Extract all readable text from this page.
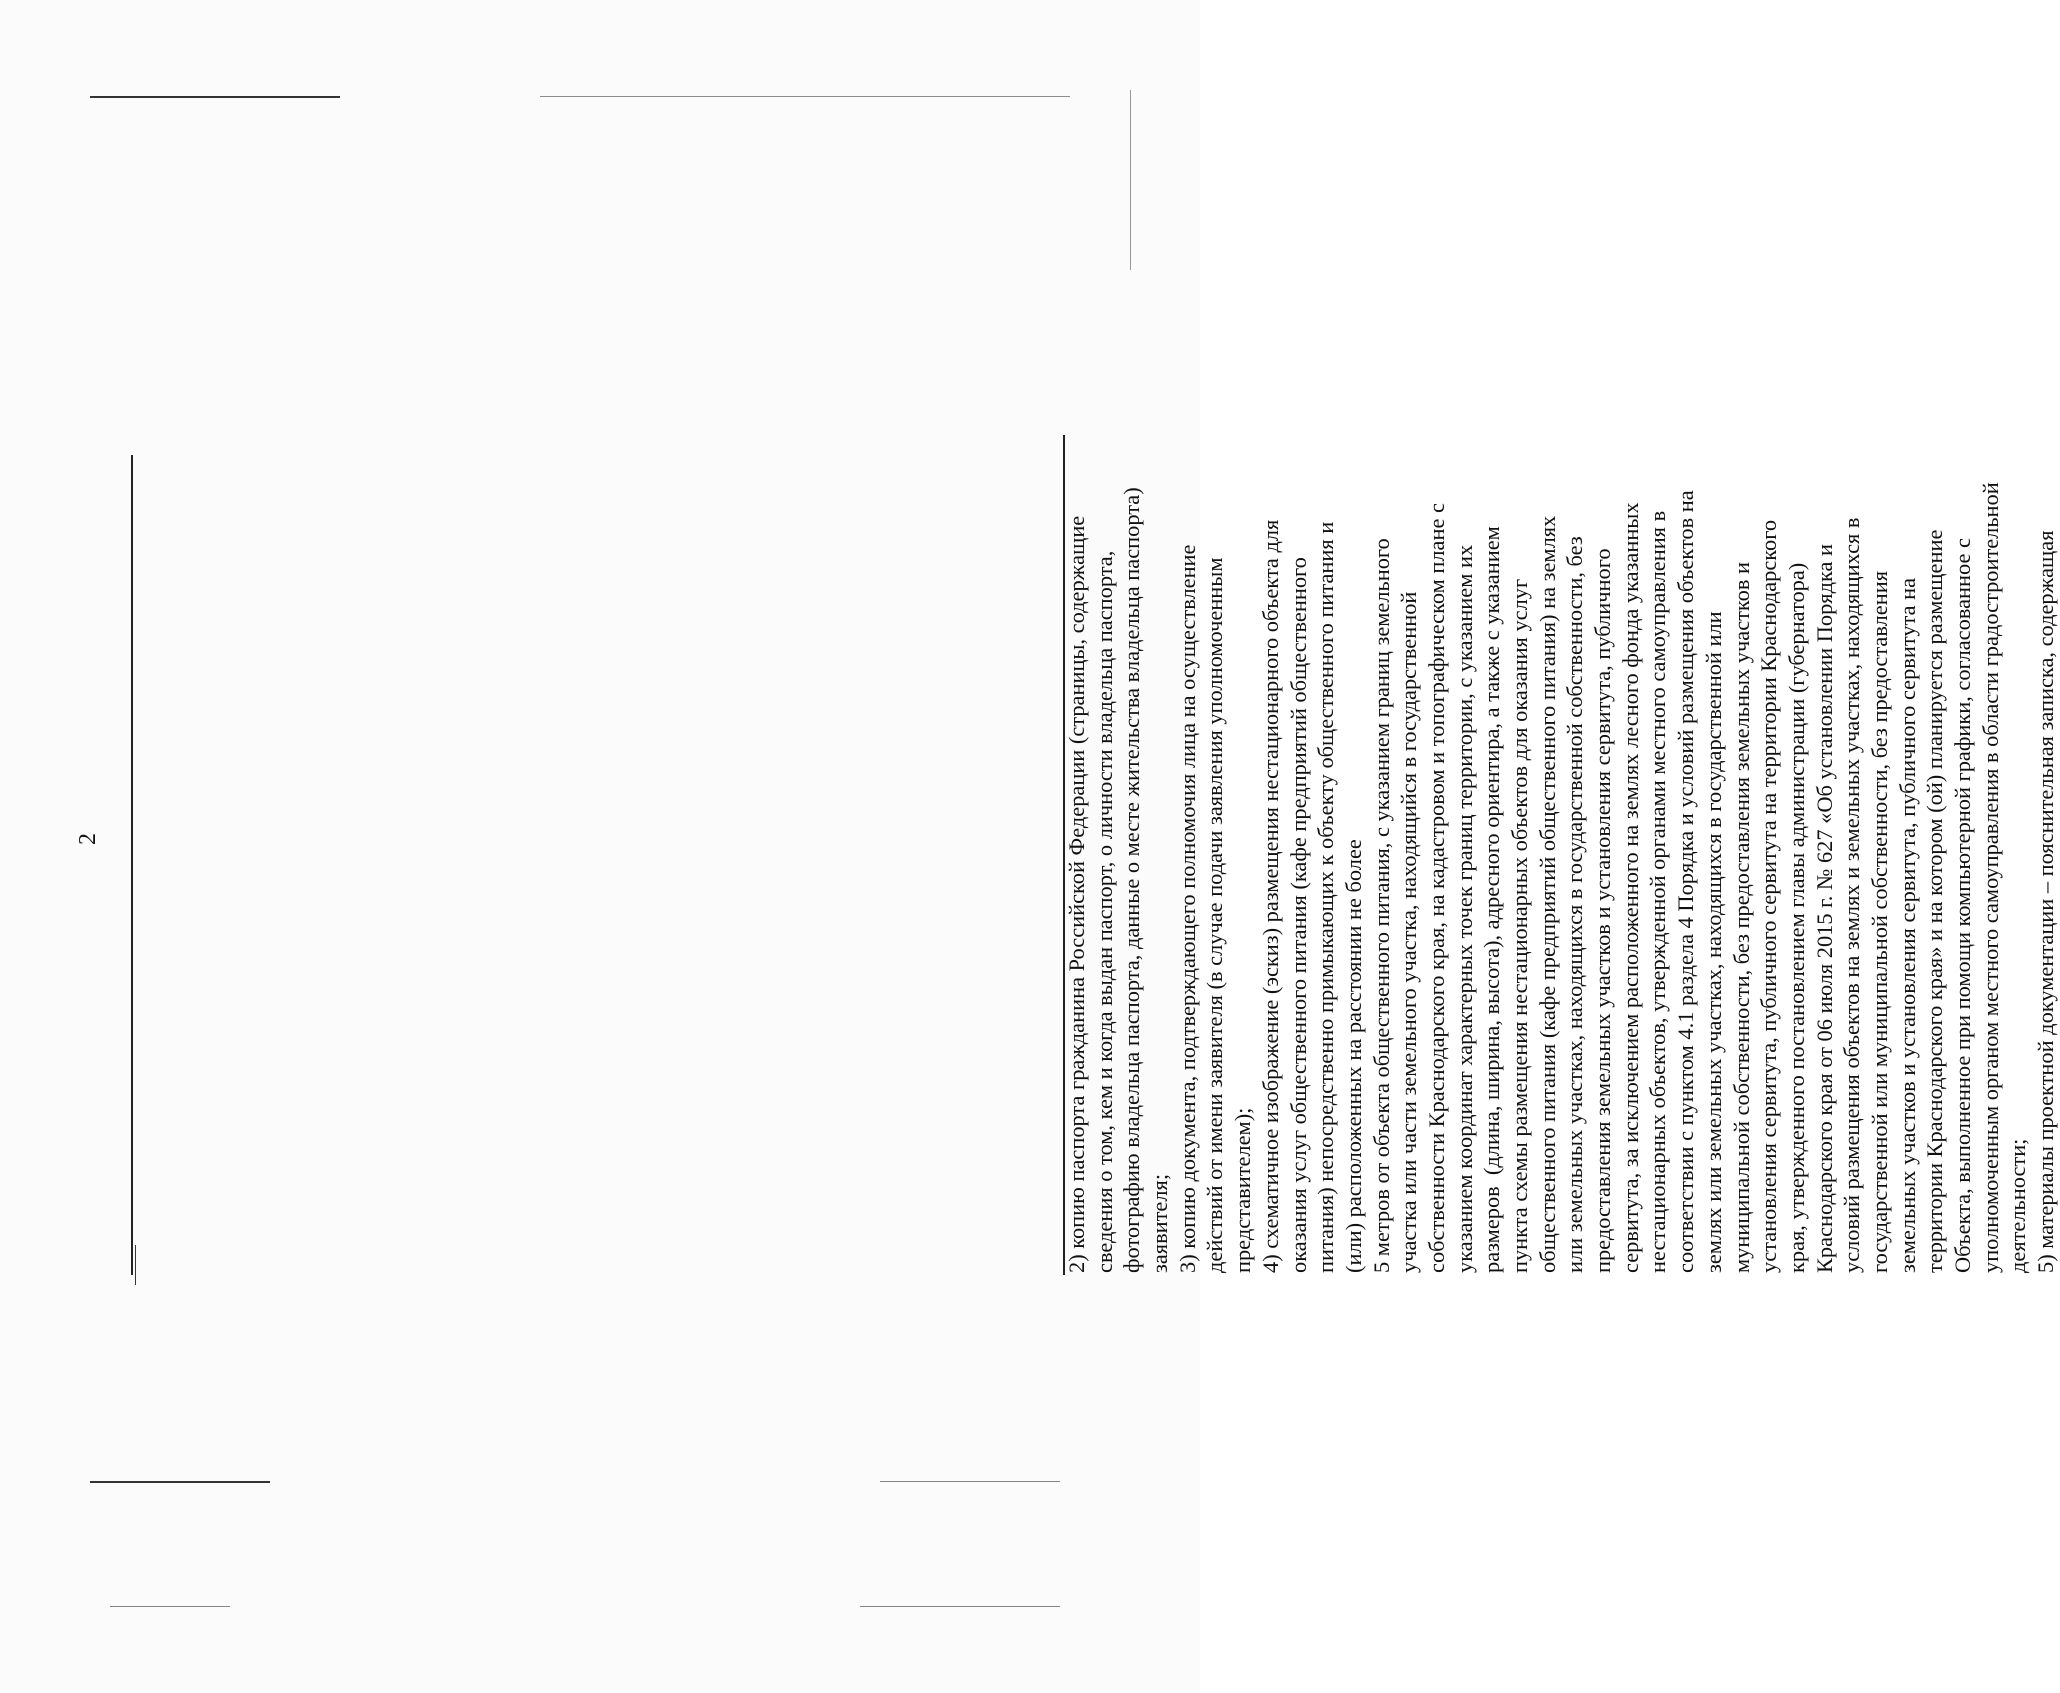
2	2) копию паспорта гражданина Российской Федерации (страницы, содержащие сведения о том, кем и когда выдан паспорт, о личности владельца паспорта, фотографию владельца паспорта, данные о месте жительства владельца паспорта) заявителя; 3) копию документа, подтверждающего полномочия лица на осуществление действий от имени заявителя (в случае подачи заявления уполномоченным представителем); 4) схематичное изображение (эскиз) размещения нестационарного объекта для оказания услуг общественного питания (кафе предприятий общественного питания) непосредственно примыкающих к объекту общественного питания и (или) расположенных на расстоянии не более 5 метров от объекта общественного питания, с указанием границ земельного участка или части земельного участка, находящийся в государственной собственности Краснодарского края, на кадастровом и топографическом плане с указанием координат характерных точек границ территории, с указанием их размеров  (длина, ширина, высота), адресного ориентира, а также с указанием пункта схемы размещения нестационарных объектов для оказания услуг общественного питания (кафе предприятий общественного питания) на землях или земельных участках, находящихся в государственной собственности, без предоставления земельных участков и установления сервитута, публичного сервитута, за исключением расположенного на землях лесного фонда указанных нестационарных объектов, утвержденной органами местного самоуправления в соответствии с пунктом 4.1 раздела 4 Порядка и условий размещения объектов на землях или земельных участках, находящихся в государственной или муниципальной собственности, без предоставления земельных участков и установления сервитута, публичного сервитута на территории Краснодарского края, утвержденного постановлением главы администрации (губернатора) Краснодарского края от 06 июля 2015 г. № 627 «Об установлении Порядка и условий размещения объектов на землях и земельных участках, находящихся в государственной или муниципальной собственности, без предоставления земельных участков и установления сервитута, публичного сервитута на территории Краснодарского края» и на котором (ой) планируется размещение Объекта, выполненное при помощи компьютерной графики, согласованное с уполномоченным органом местного самоуправления в области градостроительной деятельности; 5) материалы проектной документации – пояснительная записка, содержащая
